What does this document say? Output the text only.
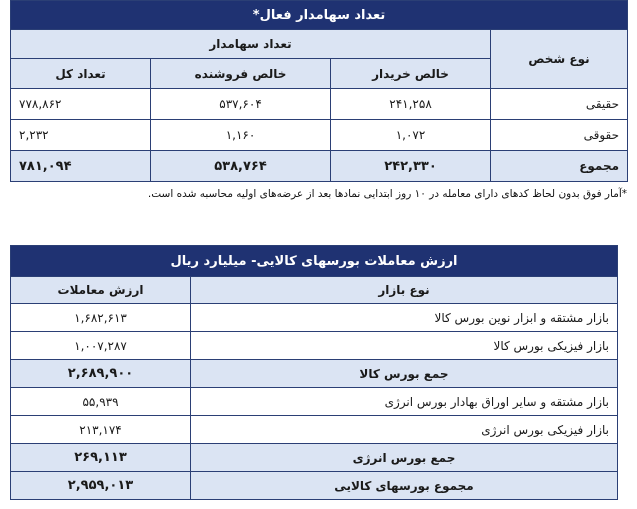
تعداد سهامدار فعال*			
نوع شخص	تعداد سهامدار		
	خالص خریدار	خالص فروشنده	تعداد کل
حقیقی	۲۴۱,۲۵۸	۵۳۷,۶۰۴	۷۷۸,۸۶۲
حقوقی	۱,۰۷۲	۱,۱۶۰	۲,۲۳۲
مجموع	۲۴۲,۳۳۰	۵۳۸,۷۶۴	۷۸۱,۰۹۴
*آمار فوق بدون لحاظ کدهای دارای معامله در ۱۰ روز ابتدایی نمادها بعد از عرضه‌های اولیه محاسبه شده است.
ارزش معاملات بورسهای کالایی- میلیارد ریال	
نوع بازار	ارزش معاملات
بازار مشتقه و ابزار نوین بورس کالا	۱,۶۸۲,۶۱۳
بازار فیزیکی بورس کالا	۱,۰۰۷,۲۸۷
جمع بورس کالا	۲,۶۸۹,۹۰۰
بازار مشتقه و سایر اوراق بهادار بورس انرژی	۵۵,۹۳۹
بازار فیزیکی بورس انرژی	۲۱۳,۱۷۴
جمع بورس انرژی	۲۶۹,۱۱۳
مجموع بورسهای کالایی	۲,۹۵۹,۰۱۳
